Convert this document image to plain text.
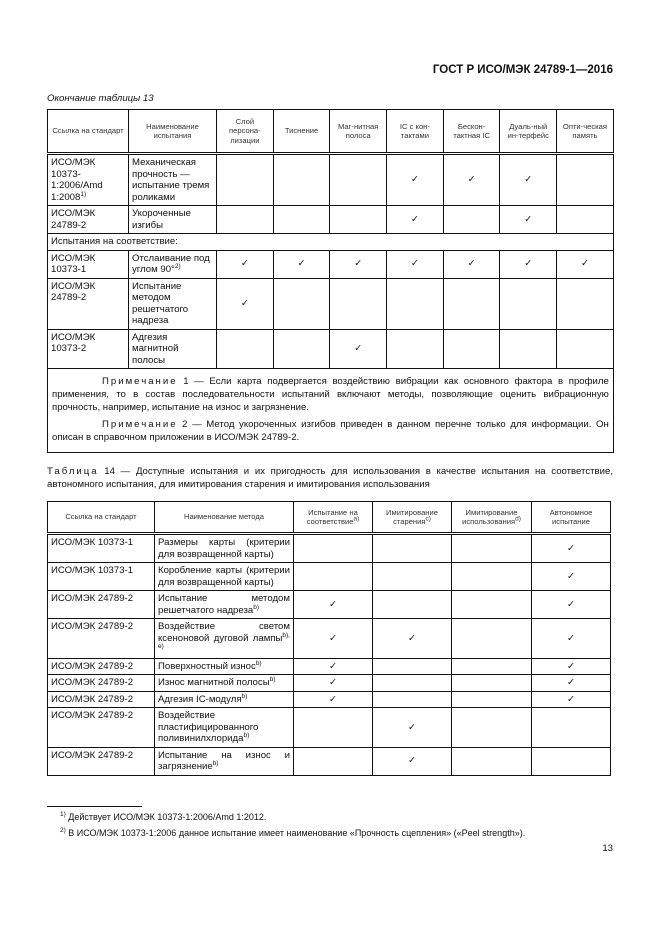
ГОСТ Р ИСО/МЭК 24789-1—2016
Окончание таблицы 13
Ссылка на стандарт	Наименование испытания	Слой персона-лизации	Тиснение	Маг-нитная полоса	IC с кон-тактами	Бескон-тактная IC	Дуаль-ный ин-терфейс	Опти-ческая память
ИСО/МЭК 10373-1:2006/Amd 1:2008$^{1)}$	Механическая прочность — испытание тремя роликами				✓	✓	✓	
ИСО/МЭК 24789-2	Укороченные изгибы				✓		✓	
Испытания на соответствие:								
ИСО/МЭК 10373-1	Отслаивание под углом 90°$^{2)}$	✓	✓	✓	✓	✓	✓	✓
ИСО/МЭК 24789-2	Испытание методом решетчатого надреза	✓						
ИСО/МЭК 10373-2	Адгезия магнитной полосы			✓				

Примечание 1 — Если карта подвергается воздействию вибрации как основного фактора в профиле применения, то в состав последовательности испытаний включают методы, позволяющие оценить вибрационную прочность, например, испытание на износ и загрязнение.

Примечание 2 — Метод укороченных изгибов приведен в данном перечне только для информации. Он описан в справочном приложении в ИСО/МЭК 24789-2.								

Таблица 14 — Доступные испытания и их пригодность для использования в качестве испытания на соответствие, автономного испытания, для имитирования старения и имитирования использования
Ссылка на стандарт	Наименование метода	Испытание на соответствие$^{a)}$	Имитирование старения$^{c)}$	Имитирование использования$^{d)}$	Автономное испытание
ИСО/МЭК 10373-1	Размеры карты (критерии для возвращенной карты)				✓
ИСО/МЭК 10373-1	Коробление карты (критерии для возвращенной карты)				✓
ИСО/МЭК 24789-2	Испытание методом решетчатого надреза$^{b)}$	✓			✓
ИСО/МЭК 24789-2	Воздействие светом ксеноновой дуговой лампы$^{b), e)}$	✓	✓		✓
ИСО/МЭК 24789-2	Поверхностный износ$^{b)}$	✓			✓
ИСО/МЭК 24789-2	Износ магнитной полосы$^{b)}$	✓			✓
ИСО/МЭК 24789-2	Адгезия IC-модуля$^{b)}$	✓			✓
ИСО/МЭК 24789-2	Воздействие пластифицированного поливинилхлорида$^{b)}$		✓		
ИСО/МЭК 24789-2	Испытание на износ и загрязнение$^{b)}$		✓		
$^{1)}$ Действует ИСО/МЭК 10373-1:2006/Amd 1:2012.
$^{2)}$ В ИСО/МЭК 10373-1:2006 данное испытание имеет наименование «Прочность сцепления» («Peel strength»).
13
